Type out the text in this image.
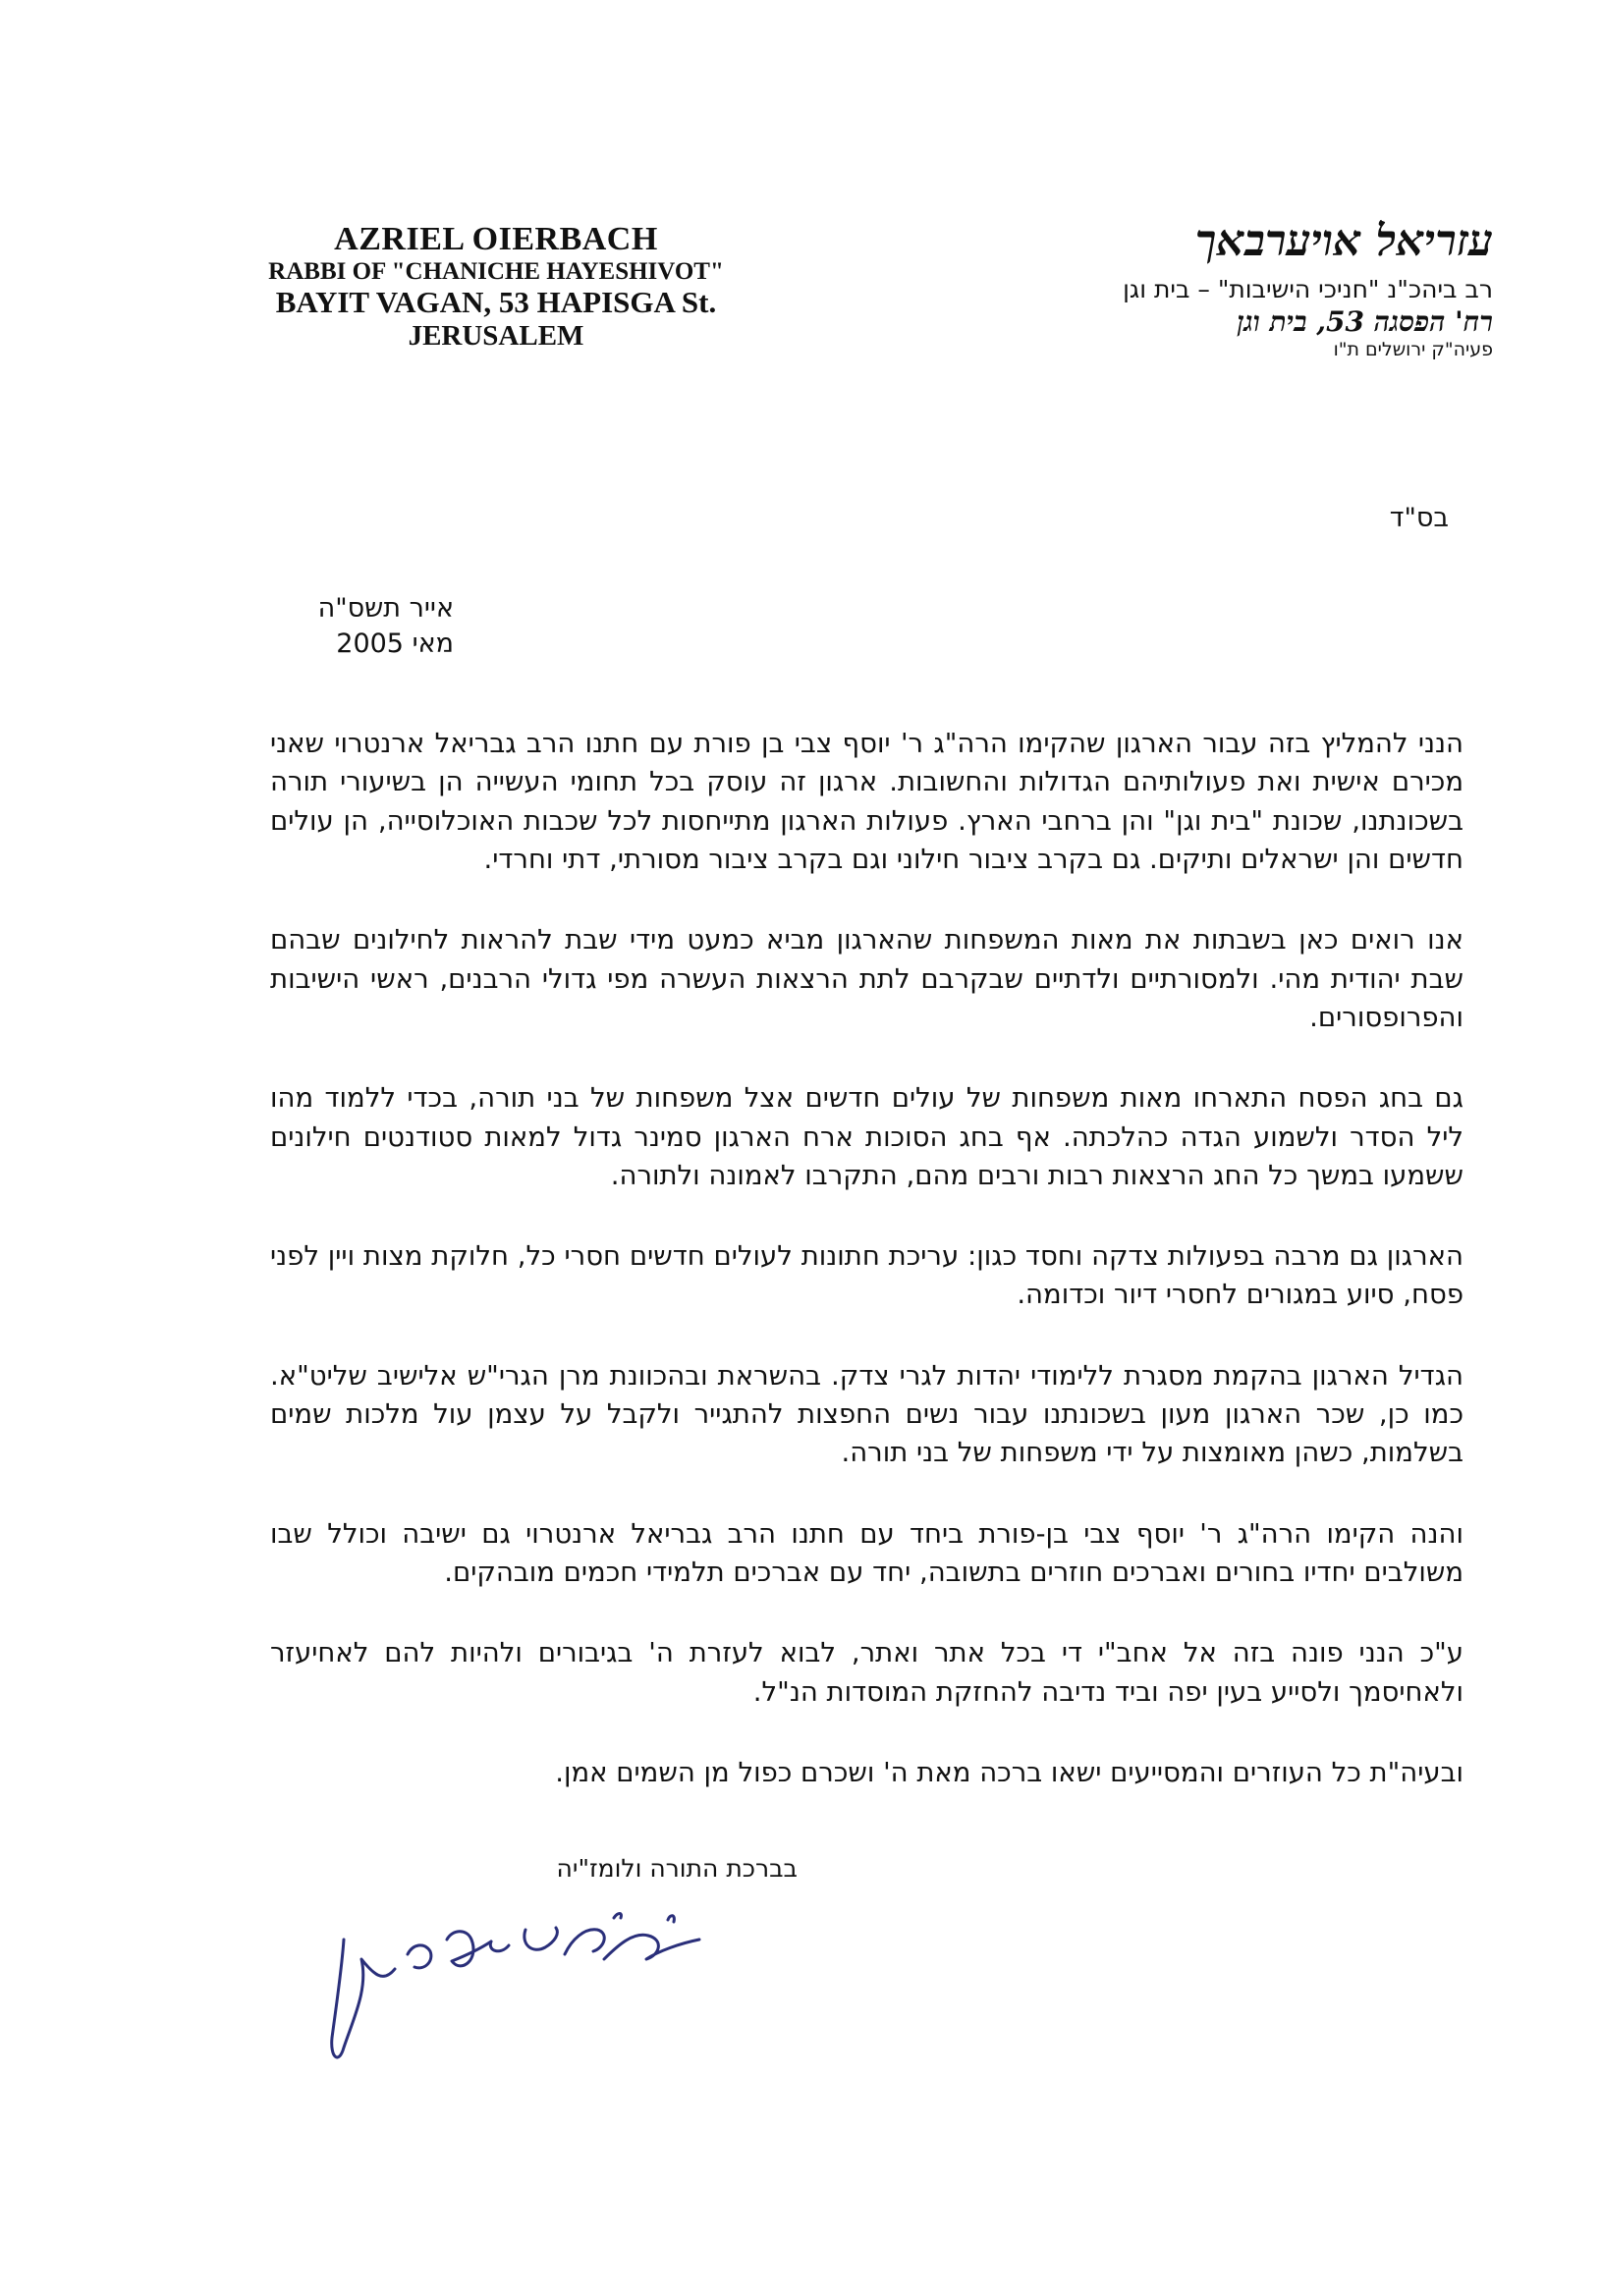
AZRIEL OIERBACH
RABBI OF "CHANICHE HAYESHIVOT"
BAYIT VAGAN, 53 HAPISGA St.
JERUSALEM
עזריאל אויערבאך
רב ביהכ"נ "חניכי הישיבות" – בית וגן
רח' הפסגה 53, בית וגן
פעיה"ק ירושלים ת"ו
בס"ד
אייר תשס"ה
מאי 2005

הנני להמליץ בזה עבור הארגון שהקימו הרה"ג ר' יוסף צבי בן פורת עם חתנו הרב גבריאל ארנטרוי שאני מכירם אישית ואת פעולותיהם הגדולות והחשובות. ארגון זה עוסק בכל תחומי העשייה הן בשיעורי תורה בשכונתנו, שכונת "בית וגן" והן ברחבי הארץ. פעולות הארגון מתייחסות לכל שכבות האוכלוסייה, הן עולים חדשים והן ישראלים ותיקים. גם בקרב ציבור חילוני וגם בקרב ציבור מסורתי, דתי וחרדי.

אנו רואים כאן בשבתות את מאות המשפחות שהארגון מביא כמעט מידי שבת להראות לחילונים שבהם שבת יהודית מהי. ולמסורתיים ולדתיים שבקרבם לתת הרצאות העשרה מפי גדולי הרבנים, ראשי הישיבות והפרופסורים.

גם בחג הפסח התארחו מאות משפחות של עולים חדשים אצל משפחות של בני תורה, בכדי ללמוד מהו ליל הסדר ולשמוע הגדה כהלכתה. אף בחג הסוכות ארח הארגון סמינר גדול למאות סטודנטים חילונים ששמעו במשך כל החג הרצאות רבות ורבים מהם, התקרבו לאמונה ולתורה.

הארגון גם מרבה בפעולות צדקה וחסד כגון: עריכת חתונות לעולים חדשים חסרי כל, חלוקת מצות ויין לפני פסח, סיוע במגורים לחסרי דיור וכדומה.

הגדיל הארגון בהקמת מסגרת ללימודי יהדות לגרי צדק. בהשראת ובהכוונת מרן הגרי"ש אלישיב שליט"א. כמו כן, שכר הארגון מעון בשכונתנו עבור נשים החפצות להתגייר ולקבל על עצמן עול מלכות שמים בשלמות, כשהן מאומצות על ידי משפחות של בני תורה.

והנה הקימו הרה"ג ר' יוסף צבי בן-פורת ביחד עם חתנו הרב גבריאל ארנטרוי גם ישיבה וכולל שבו משולבים יחדיו בחורים ואברכים חוזרים בתשובה, יחד עם אברכים תלמידי חכמים מובהקים.

ע"כ הנני פונה בזה אל אחב"י די בכל אתר ואתר, לבוא לעזרת ה' בגיבורים ולהיות להם לאחיעזר ולאחיסמך ולסייע בעין יפה וביד נדיבה להחזקת המוסדות הנ"ל.

ובעיה"ת כל העוזרים והמסייעים ישאו ברכה מאת ה' ושכרם כפול מן השמים אמן.

בברכת התורה ולומז"יה
